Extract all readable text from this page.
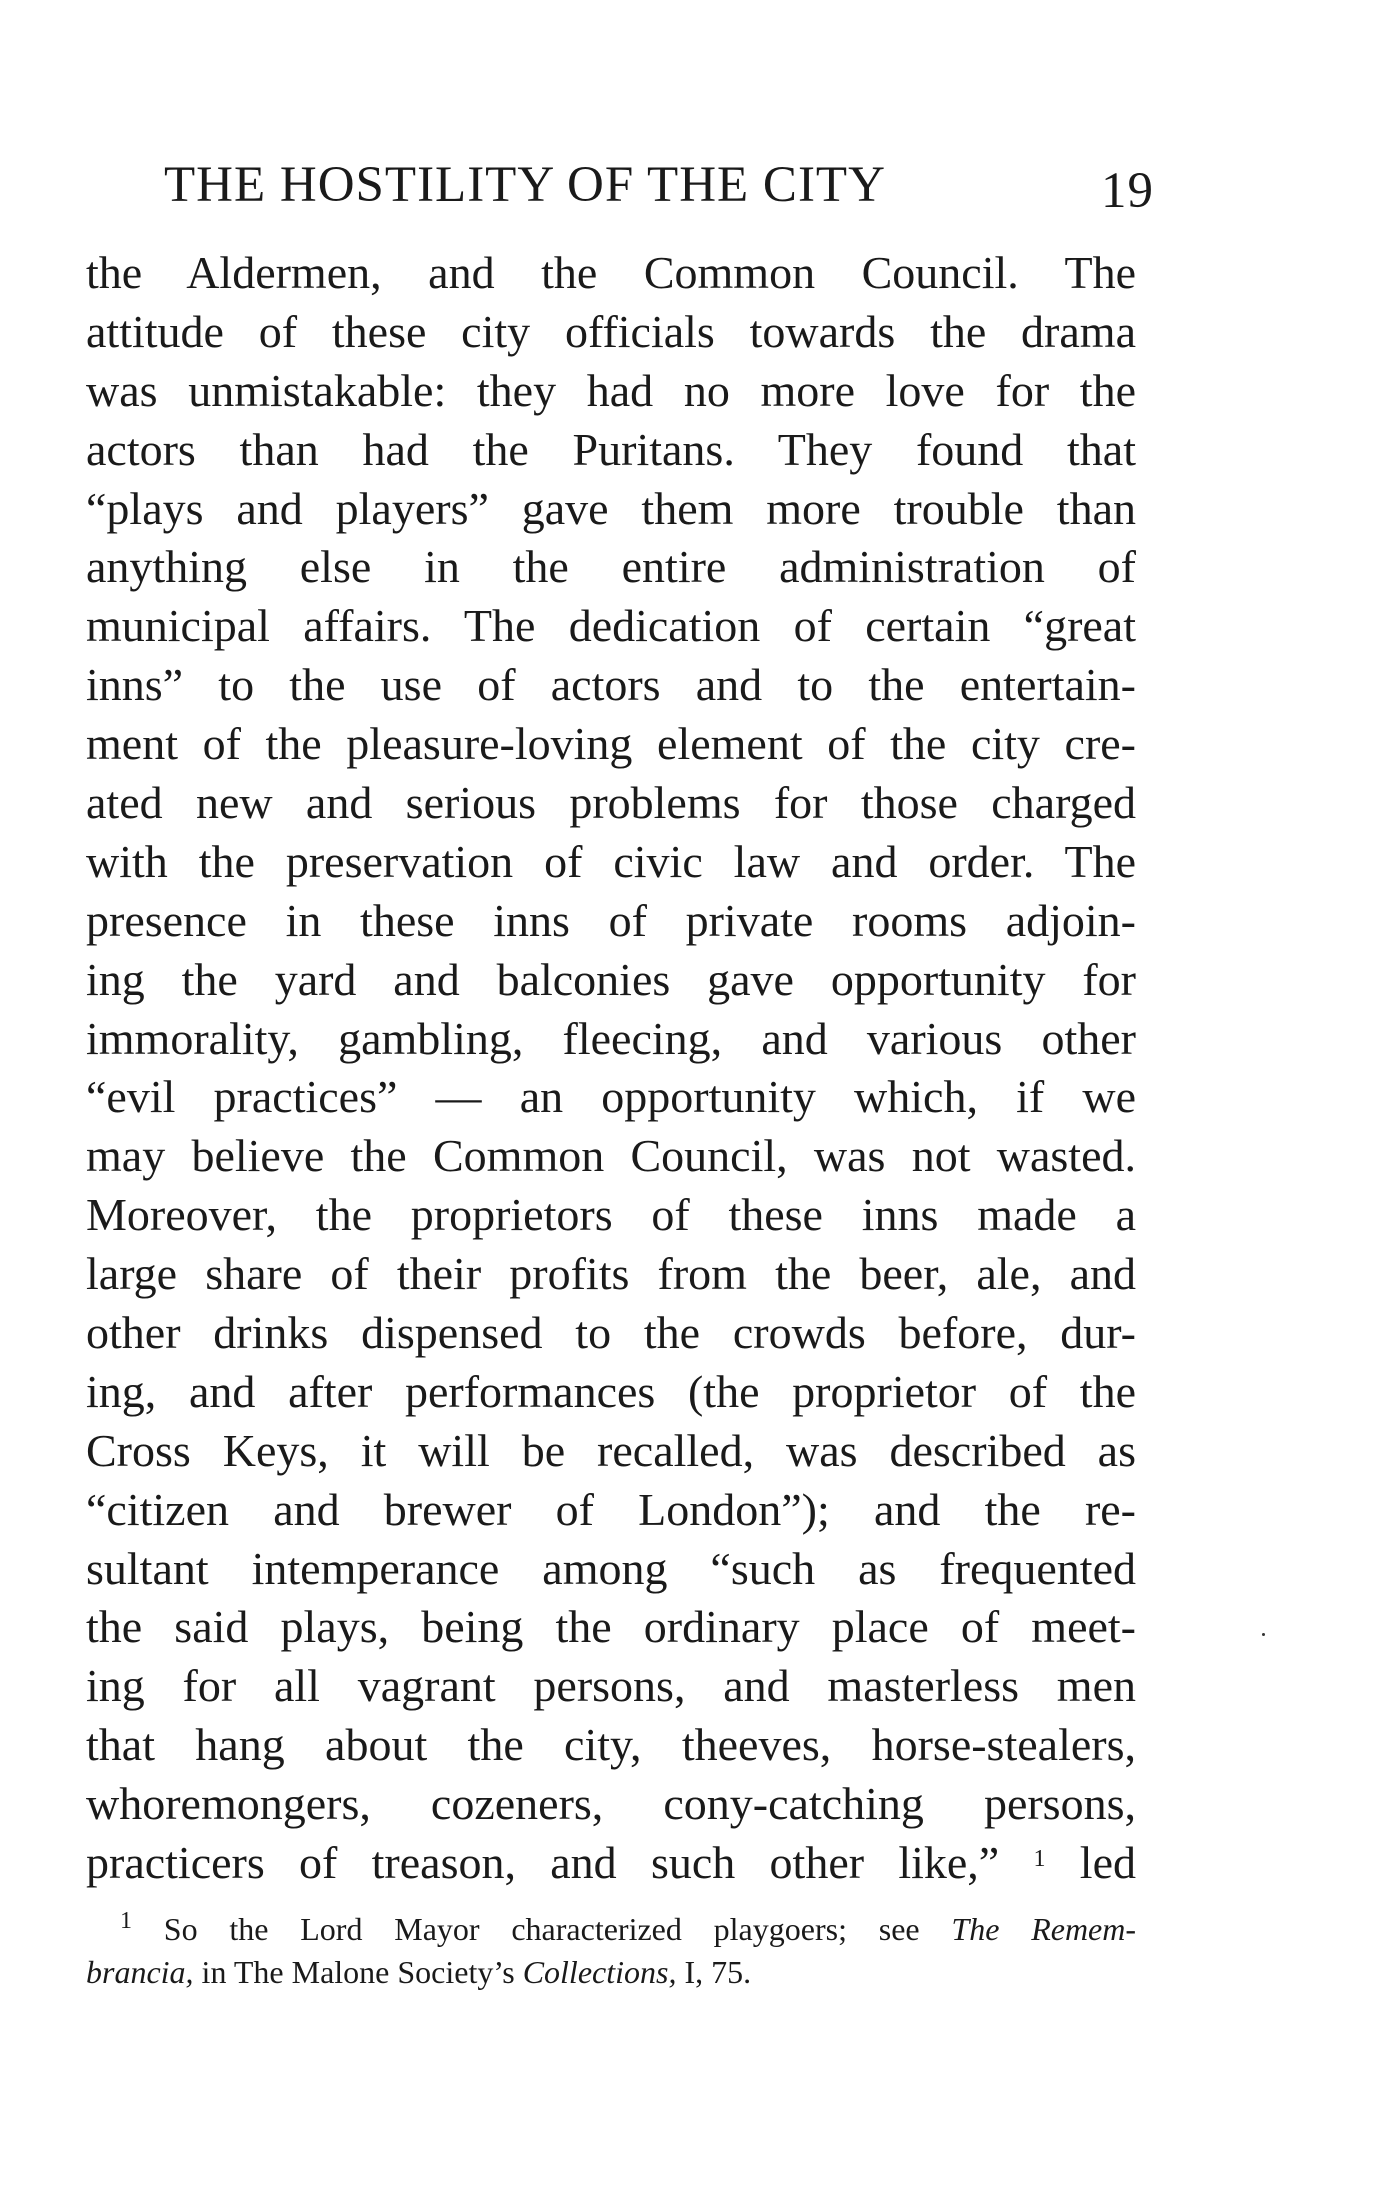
THE HOSTILITY OF THE CITY	19
the Aldermen, and the Common Council. The
attitude of these city officials towards the drama
was unmistakable: they had no more love for the
actors than had the Puritans. They found that
“plays and players” gave them more trouble than
anything else in the entire administration of
municipal affairs. The dedication of certain “great
inns” to the use of actors and to the entertain-
ment of the pleasure-loving element of the city cre-
ated new and serious problems for those charged
with the preservation of civic law and order. The
presence in these inns of private rooms adjoin-
ing the yard and balconies gave opportunity for
immorality, gambling, fleecing, and various other
“evil practices” — an opportunity which, if we
may believe the Common Council, was not wasted.
Moreover, the proprietors of these inns made a
large share of their profits from the beer, ale, and
other drinks dispensed to the crowds before, dur-
ing, and after performances (the proprietor of the
Cross Keys, it will be recalled, was described as
“citizen and brewer of London”); and the re-
sultant intemperance among “such as frequented
the said plays, being the ordinary place of meet-
ing for all vagrant persons, and masterless men
that hang about the city, theeves, horse-stealers,
whoremongers, cozeners, cony-catching persons,
practicers of treason, and such other like,” $^1$ led
$^1$ So the Lord Mayor characterized playgoers; see The Remem-
brancia, in The Malone Society’s Collections, I, 75.
